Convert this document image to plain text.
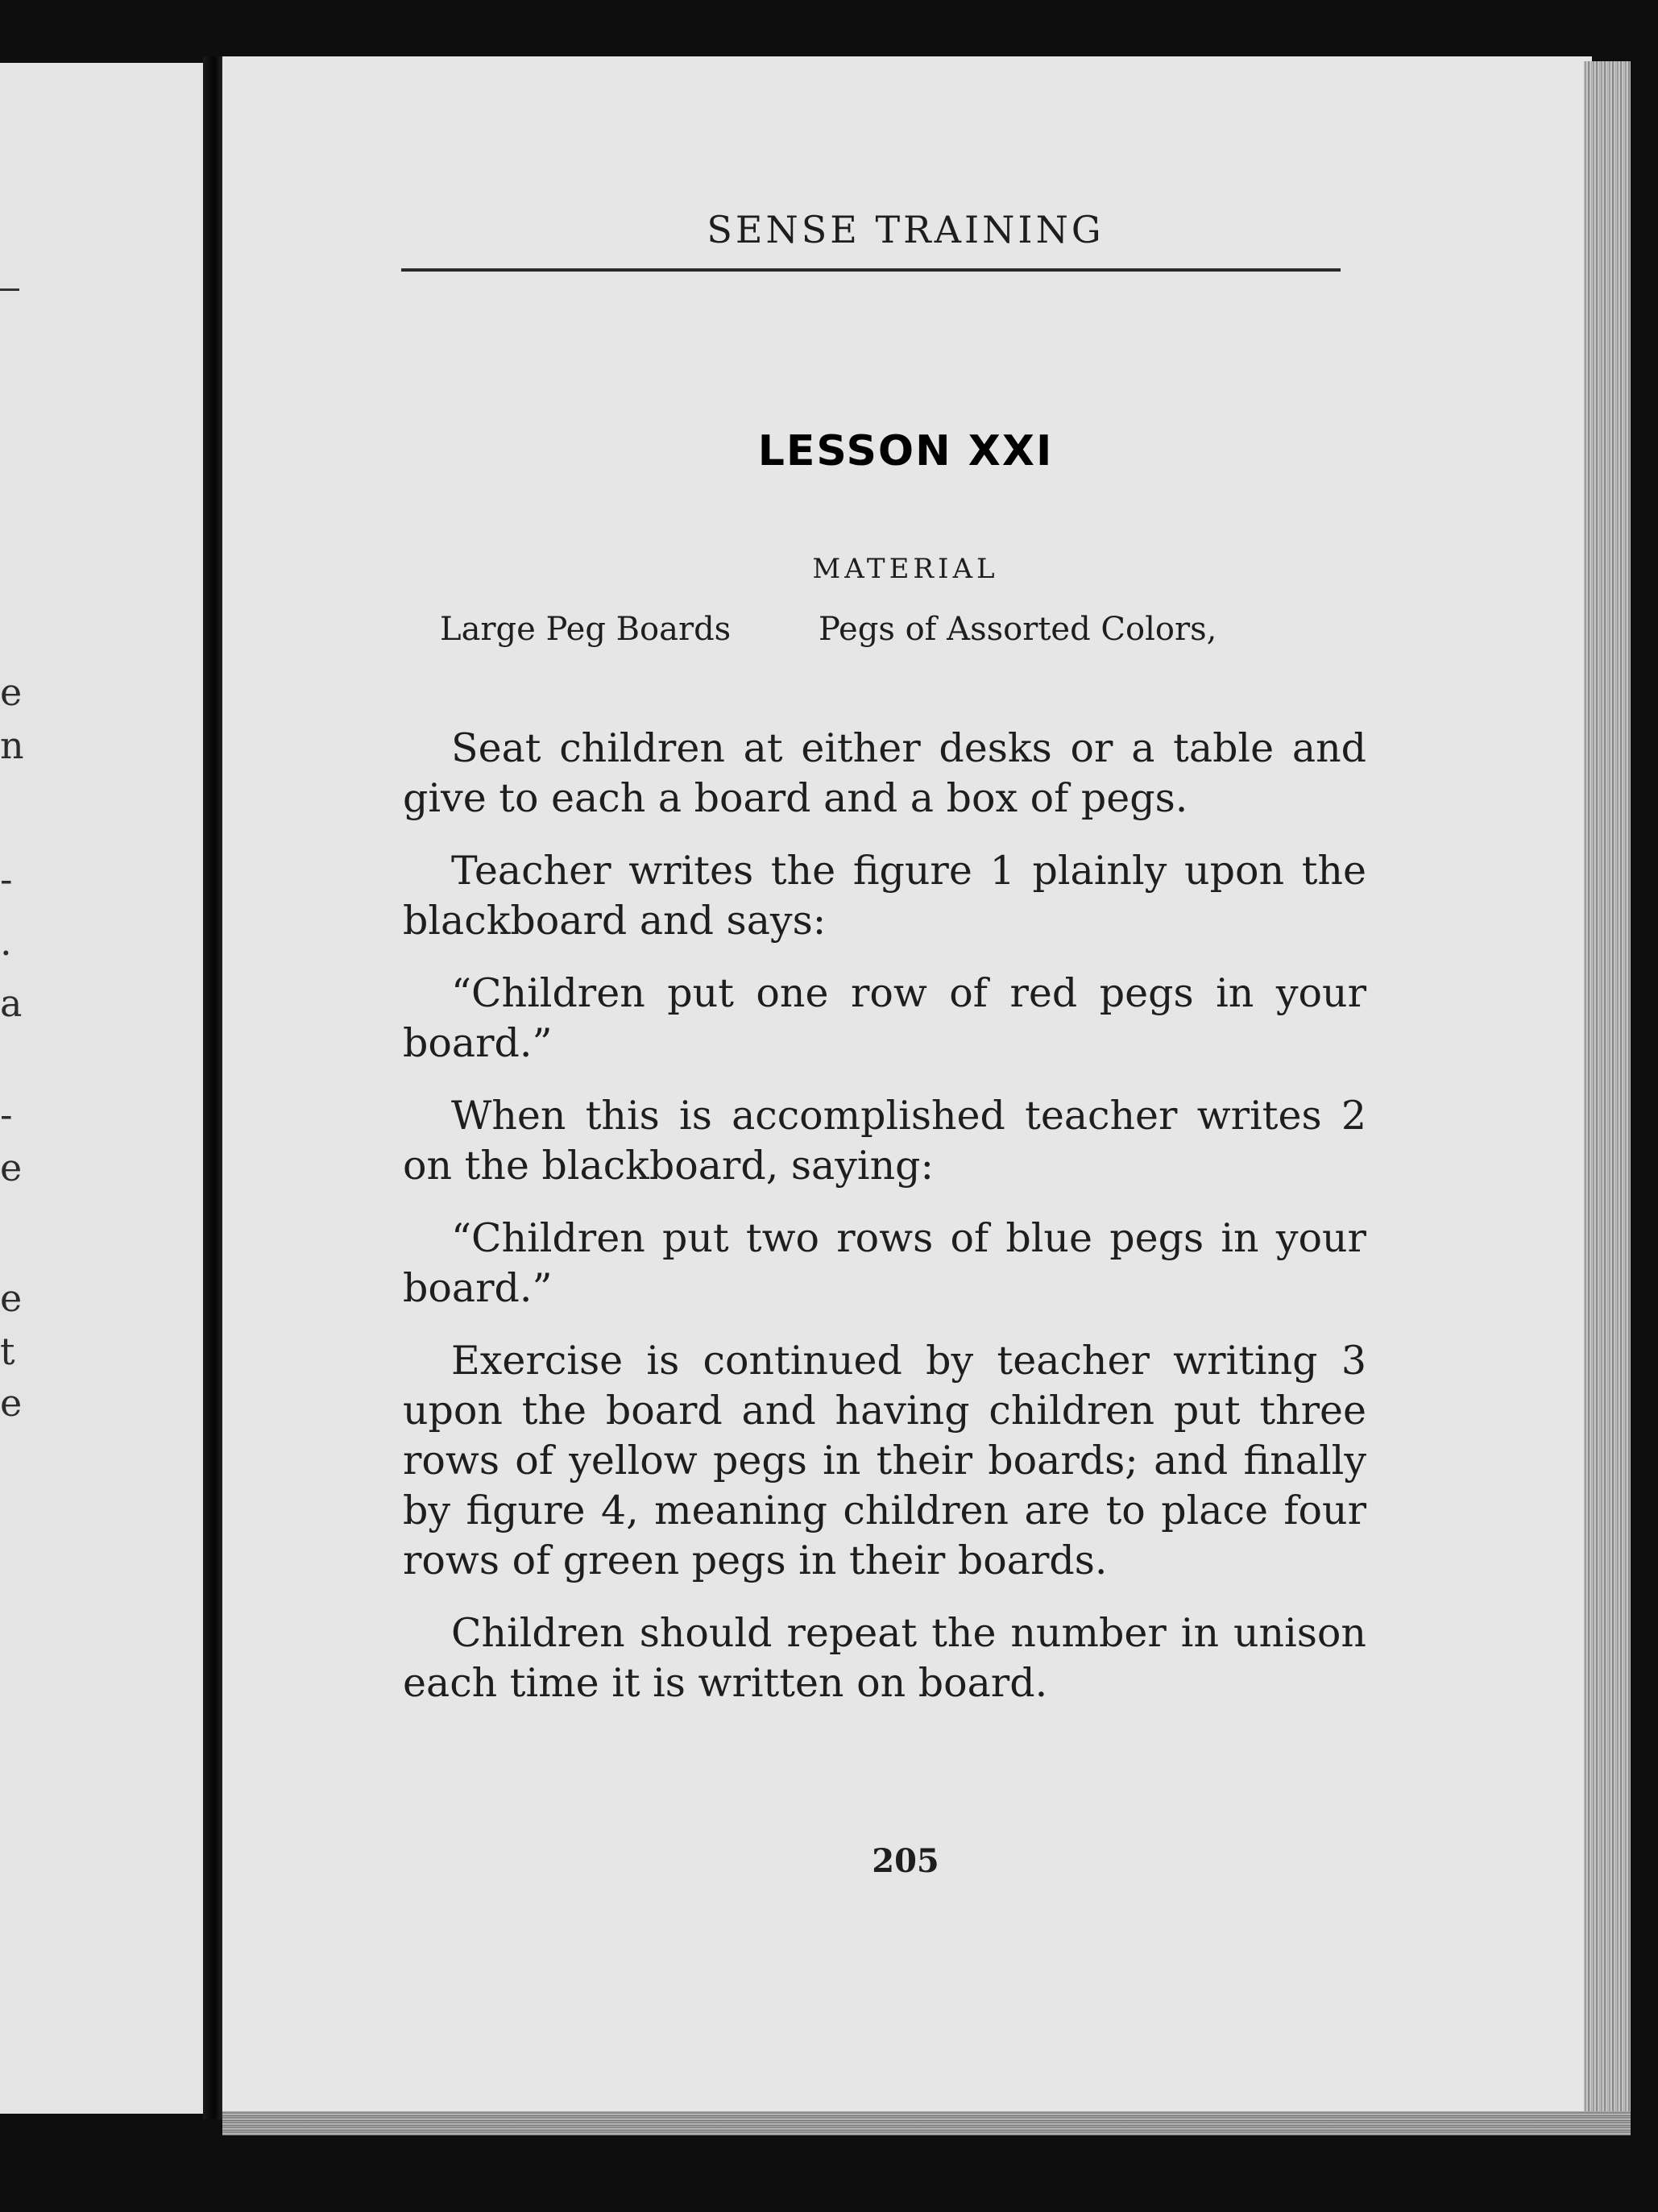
e
n
-
.
a
-
e
e
t
e
SENSE TRAINING
LESSON XXI
MATERIAL
Large Peg Boards	Pegs of Assorted Colors,

Seat children at either desks or a table and give to each a board and a box of pegs.

Teacher writes the figure 1 plainly upon the blackboard and says:

“Children put one row of red pegs in your board.”

When this is accomplished teacher writes 2 on the blackboard, saying:

“Children put two rows of blue pegs in your board.”

Exercise is continued by teacher writing 3 upon the board and having children put three rows of yellow pegs in their boards; and finally by figure 4, meaning children are to place four rows of green pegs in their boards.

Children should repeat the number in unison each time it is written on board.

205
